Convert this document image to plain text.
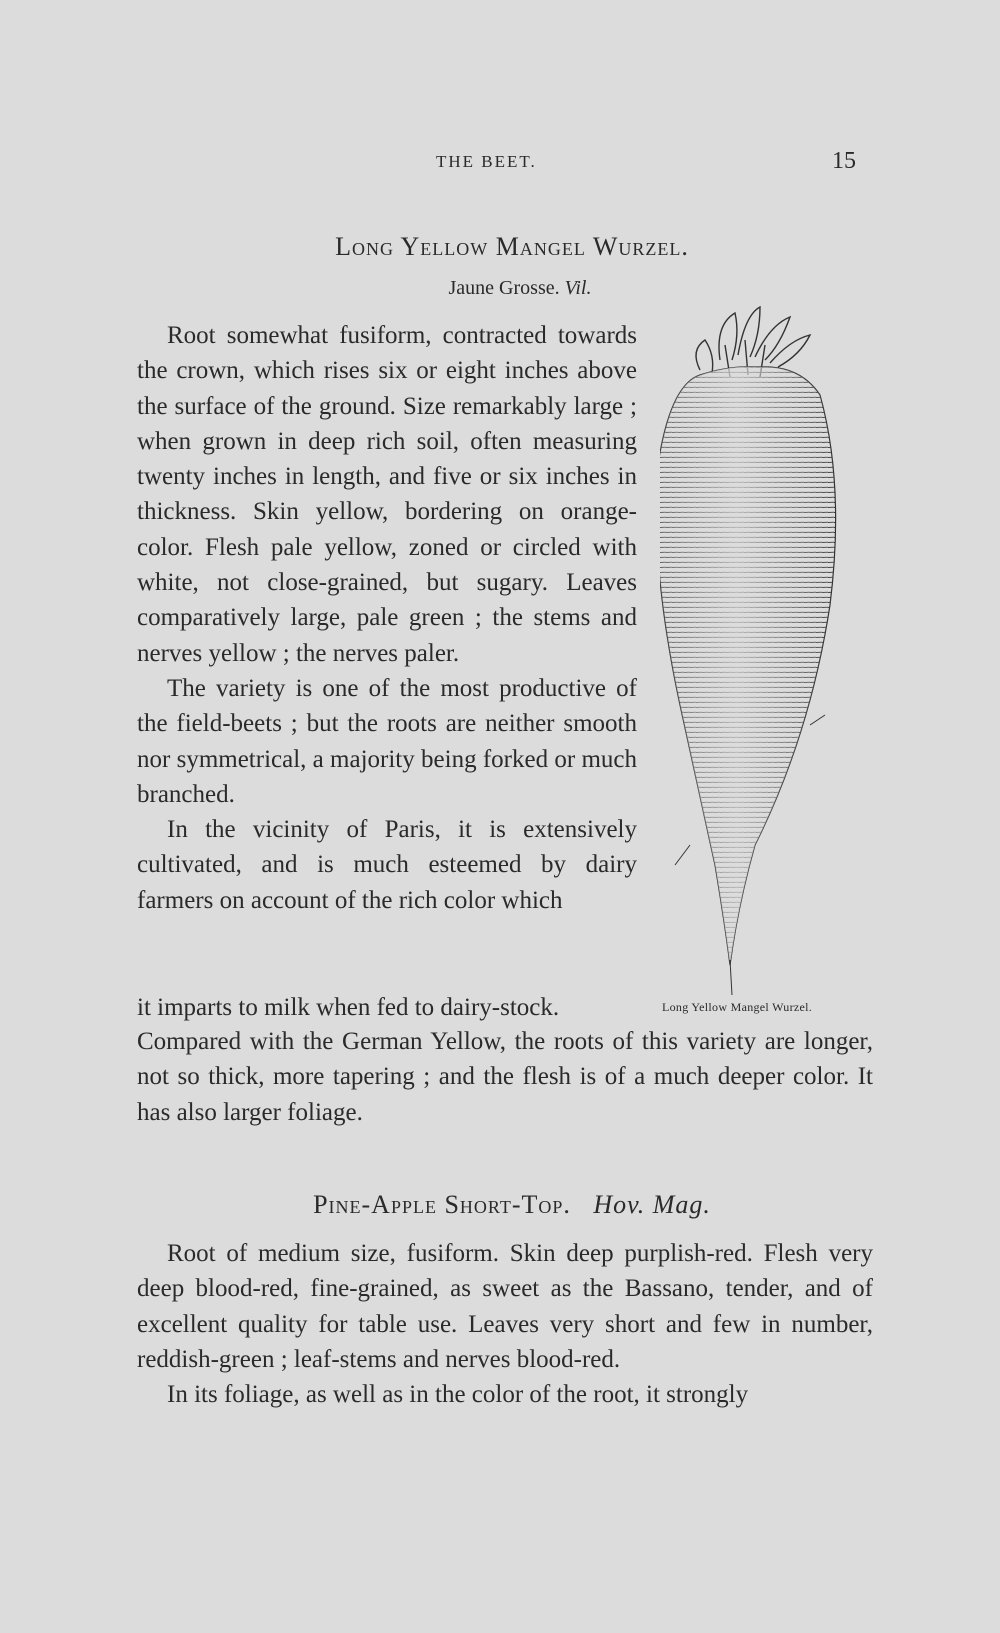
THE BEET.	15
Long Yellow Mangel Wurzel.
Jaune Grosse. Vil.

Root somewhat fusiform, contracted towards the crown, which rises six or eight inches above the surface of the ground. Size remarkably large ; when grown in deep rich soil, often measuring twenty inches in length, and five or six inches in thickness. Skin yellow, bordering on orange-color. Flesh pale yellow, zoned or circled with white, not close-grained, but sugary. Leaves comparatively large, pale green ; the stems and nerves yellow ; the nerves paler.

The variety is one of the most productive of the field-beets ; but the roots are neither smooth nor symmetrical, a majority being forked or much branched.

In the vicinity of Paris, it is extensively cultivated, and is much esteemed by dairy farmers on account of the rich color which

it imparts to milk when fed to dairy-stock.	Long Yellow Mangel Wurzel.

Compared with the German Yellow, the roots of this variety are longer, not so thick, more tapering ; and the flesh is of a much deeper color. It has also larger foliage.

Pine-Apple Short-Top. Hov. Mag.

Root of medium size, fusiform. Skin deep purplish-red. Flesh very deep blood-red, fine-grained, as sweet as the Bassano, tender, and of excellent quality for table use. Leaves very short and few in number, reddish-green ; leaf-stems and nerves blood-red.

In its foliage, as well as in the color of the root, it strongly
